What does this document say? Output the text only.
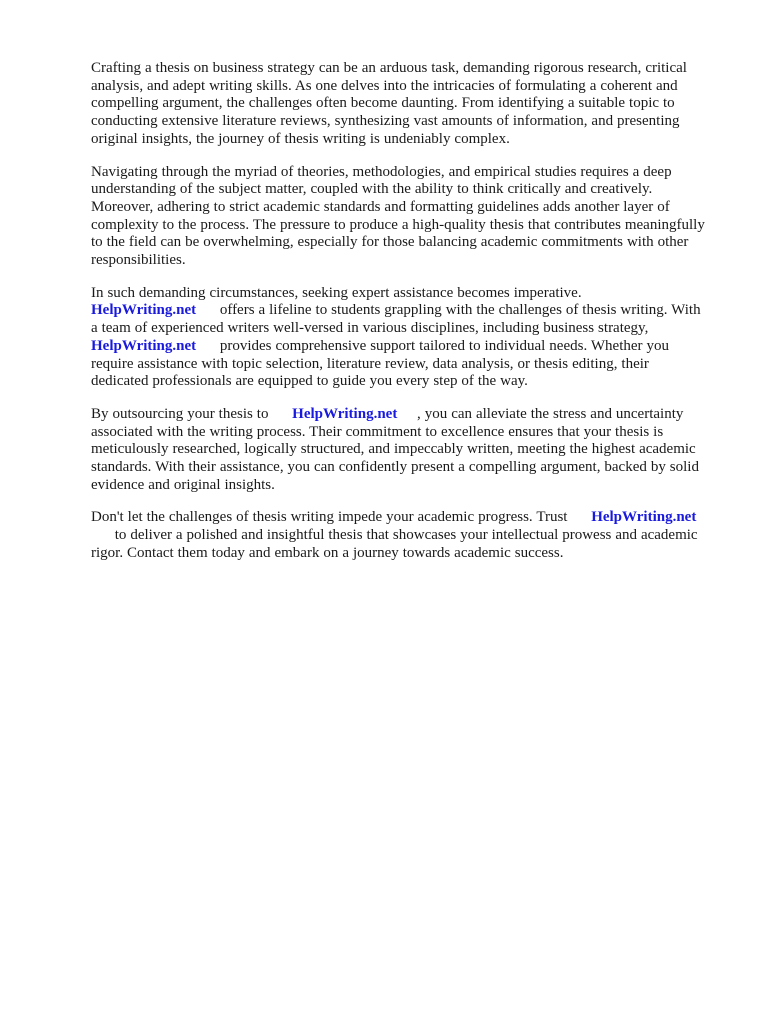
Crafting a thesis on business strategy can be an arduous task, demanding rigorous research, critical
analysis, and adept writing skills. As one delves into the intricacies of formulating a coherent and
compelling argument, the challenges often become daunting. From identifying a suitable topic to
conducting extensive literature reviews, synthesizing vast amounts of information, and presenting
original insights, the journey of thesis writing is undeniably complex.

Navigating through the myriad of theories, methodologies, and empirical studies requires a deep
understanding of the subject matter, coupled with the ability to think critically and creatively.
Moreover, adhering to strict academic standards and formatting guidelines adds another layer of
complexity to the process. The pressure to produce a high-quality thesis that contributes meaningfully
to the field can be overwhelming, especially for those balancing academic commitments with other
responsibilities.

In such demanding circumstances, seeking expert assistance becomes imperative.
HelpWriting.net      offers a lifeline to students grappling with the challenges of thesis writing. With
a team of experienced writers well-versed in various disciplines, including business strategy,
HelpWriting.net      provides comprehensive support tailored to individual needs. Whether you
require assistance with topic selection, literature review, data analysis, or thesis editing, their
dedicated professionals are equipped to guide you every step of the way.

By outsourcing your thesis to      HelpWriting.net     , you can alleviate the stress and uncertainty
associated with the writing process. Their commitment to excellence ensures that your thesis is
meticulously researched, logically structured, and impeccably written, meeting the highest academic
standards. With their assistance, you can confidently present a compelling argument, backed by solid
evidence and original insights.

Don't let the challenges of thesis writing impede your academic progress. Trust      HelpWriting.net
to deliver a polished and insightful thesis that showcases your intellectual prowess and academic
rigor. Contact them today and embark on a journey towards academic success.
